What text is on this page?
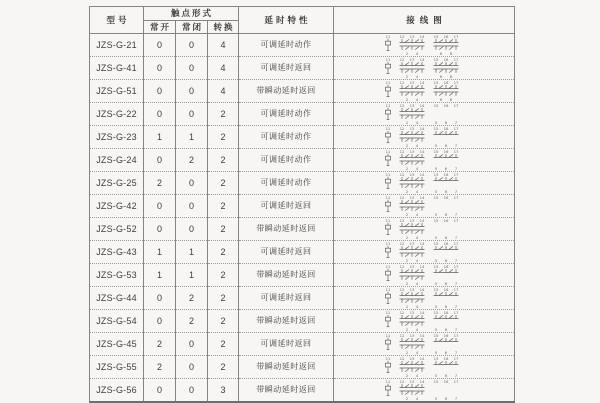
型号	触点形式			延时特性	接线图
	常开	常闭	转换		
JZS-G-21	0	0	4	可调延时动作	
11 12 13 14 15 16 17
2 4	6 8

JZS-G-41	0	0	4	可调延时返回	
11 12 13 14 15 16 17
2 4	6 8

JZS-G-51	0	0	4	带瞬动延时返回	
11 12 13 14 15 16 17
2 4	6 8

JZS-G-22	0	0	2	可调延时动作	
11 12 13 14 15 16 17
2 4	5 6 7

JZS-G-23	1	1	2	可调延时动作	
11 12 13 14 15 16 17
2 4	5 6 7

JZS-G-24	0	2	2	可调延时动作	
11 12 13 14 15 16 17
2 4	5 6 7

JZS-G-25	2	0	2	可调延时动作	
11 12 13 14 15 16 17
2 4	5 6 7

JZS-G-42	0	0	2	可调延时返回	
11 12 13 14 15 16 17
2 4	5 6 7

JZS-G-52	0	0	2	带瞬动延时返回	
11 12 13 14 15 16 17
2 4	5 6 7

JZS-G-43	1	1	2	可调延时返回	
11 12 13 14 15 16 17
2 4	5 6 7

JZS-G-53	1	1	2	带瞬动延时返回	
11 12 13 14 15 16 17
2 4	5 6 7

JZS-G-44	0	2	2	可调延时返回	
11 12 13 14 15 16 17
2 4	5 6 7

JZS-G-54	0	2	2	带瞬动延时返回	
11 12 13 14 15 16 17
2 4	5 6 7

JZS-G-45	2	0	2	可调延时返回	
11 12 13 14 15 16 17
2 4	5 6 7

JZS-G-55	2	0	2	带瞬动延时返回	
11 12 13 14 15 16 17
2 4	5 6 7

JZS-G-56	0	0	3	带瞬动延时返回	
11 12 13 14 15 16 17
2 4	5 6 7
